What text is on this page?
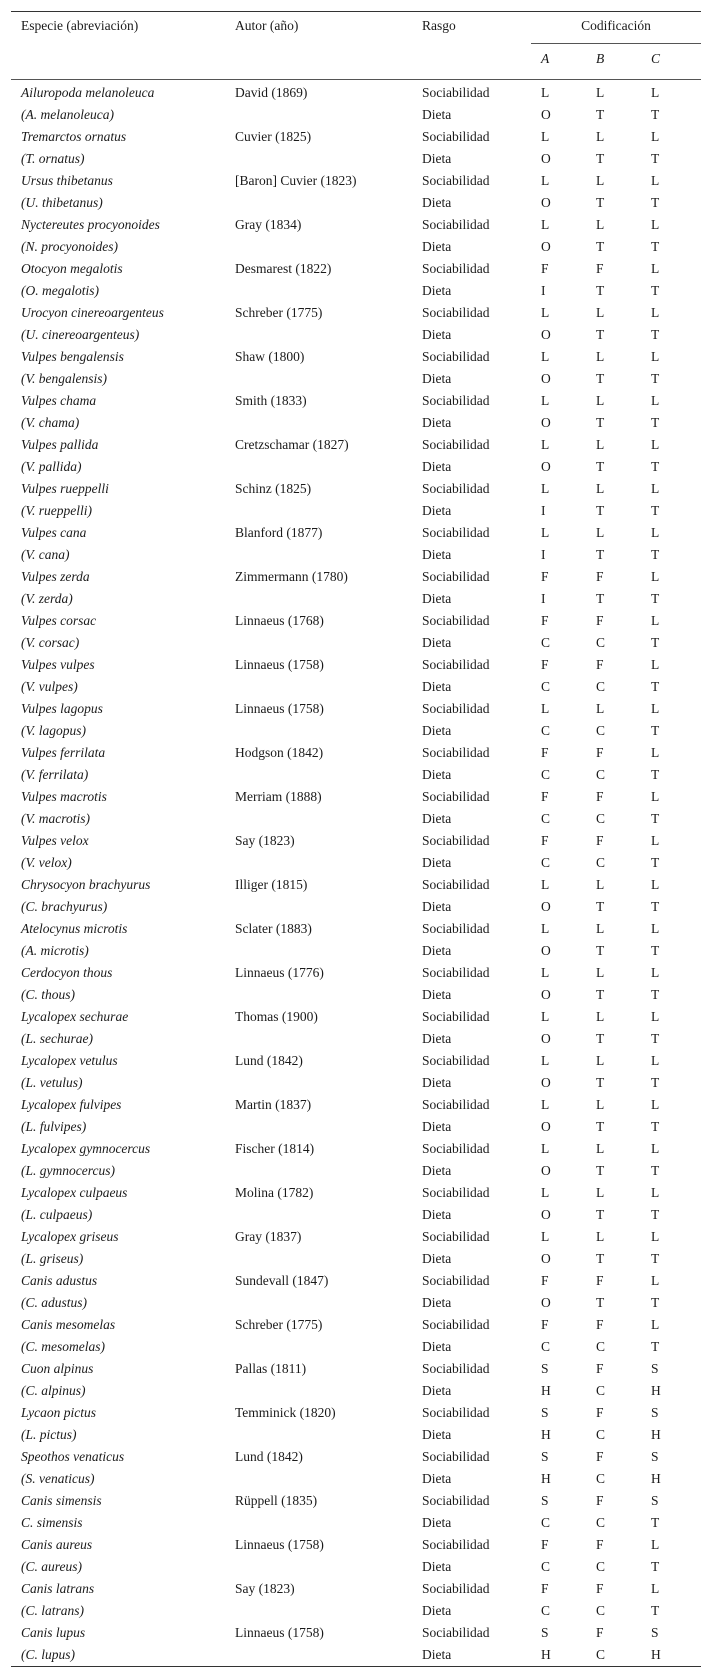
Especie (abreviación)	Autor (año)	Rasgo	Codificación		
			A	B	C
Ailuropoda melanoleuca	David (1869)	Sociabilidad	L	L	L
(A. melanoleuca)		Dieta	O	T	T
Tremarctos ornatus	Cuvier (1825)	Sociabilidad	L	L	L
(T. ornatus)		Dieta	O	T	T
Ursus thibetanus	[Baron] Cuvier (1823)	Sociabilidad	L	L	L
(U. thibetanus)		Dieta	O	T	T
Nyctereutes procyonoides	Gray (1834)	Sociabilidad	L	L	L
(N. procyonoides)		Dieta	O	T	T
Otocyon megalotis	Desmarest (1822)	Sociabilidad	F	F	L
(O. megalotis)		Dieta	I	T	T
Urocyon cinereoargenteus	Schreber (1775)	Sociabilidad	L	L	L
(U. cinereoargenteus)		Dieta	O	T	T
Vulpes bengalensis	Shaw (1800)	Sociabilidad	L	L	L
(V. bengalensis)		Dieta	O	T	T
Vulpes chama	Smith (1833)	Sociabilidad	L	L	L
(V. chama)		Dieta	O	T	T
Vulpes pallida	Cretzschamar (1827)	Sociabilidad	L	L	L
(V. pallida)		Dieta	O	T	T
Vulpes rueppelli	Schinz (1825)	Sociabilidad	L	L	L
(V. rueppelli)		Dieta	I	T	T
Vulpes cana	Blanford (1877)	Sociabilidad	L	L	L
(V. cana)		Dieta	I	T	T
Vulpes zerda	Zimmermann (1780)	Sociabilidad	F	F	L
(V. zerda)		Dieta	I	T	T
Vulpes corsac	Linnaeus (1768)	Sociabilidad	F	F	L
(V. corsac)		Dieta	C	C	T
Vulpes vulpes	Linnaeus (1758)	Sociabilidad	F	F	L
(V. vulpes)		Dieta	C	C	T
Vulpes lagopus	Linnaeus (1758)	Sociabilidad	L	L	L
(V. lagopus)		Dieta	C	C	T
Vulpes ferrilata	Hodgson (1842)	Sociabilidad	F	F	L
(V. ferrilata)		Dieta	C	C	T
Vulpes macrotis	Merriam (1888)	Sociabilidad	F	F	L
(V. macrotis)		Dieta	C	C	T
Vulpes velox	Say (1823)	Sociabilidad	F	F	L
(V. velox)		Dieta	C	C	T
Chrysocyon brachyurus	Illiger (1815)	Sociabilidad	L	L	L
(C. brachyurus)		Dieta	O	T	T
Atelocynus microtis	Sclater (1883)	Sociabilidad	L	L	L
(A. microtis)		Dieta	O	T	T
Cerdocyon thous	Linnaeus (1776)	Sociabilidad	L	L	L
(C. thous)		Dieta	O	T	T
Lycalopex sechurae	Thomas (1900)	Sociabilidad	L	L	L
(L. sechurae)		Dieta	O	T	T
Lycalopex vetulus	Lund (1842)	Sociabilidad	L	L	L
(L. vetulus)		Dieta	O	T	T
Lycalopex fulvipes	Martin (1837)	Sociabilidad	L	L	L
(L. fulvipes)		Dieta	O	T	T
Lycalopex gymnocercus	Fischer (1814)	Sociabilidad	L	L	L
(L. gymnocercus)		Dieta	O	T	T
Lycalopex culpaeus	Molina (1782)	Sociabilidad	L	L	L
(L. culpaeus)		Dieta	O	T	T
Lycalopex griseus	Gray (1837)	Sociabilidad	L	L	L
(L. griseus)		Dieta	O	T	T
Canis adustus	Sundevall (1847)	Sociabilidad	F	F	L
(C. adustus)		Dieta	O	T	T
Canis mesomelas	Schreber (1775)	Sociabilidad	F	F	L
(C. mesomelas)		Dieta	C	C	T
Cuon alpinus	Pallas (1811)	Sociabilidad	S	F	S
(C. alpinus)		Dieta	H	C	H
Lycaon pictus	Temminick (1820)	Sociabilidad	S	F	S
(L. pictus)		Dieta	H	C	H
Speothos venaticus	Lund (1842)	Sociabilidad	S	F	S
(S. venaticus)		Dieta	H	C	H
Canis simensis	Rüppell (1835)	Sociabilidad	S	F	S
C. simensis		Dieta	C	C	T
Canis aureus	Linnaeus (1758)	Sociabilidad	F	F	L
(C. aureus)		Dieta	C	C	T
Canis latrans	Say (1823)	Sociabilidad	F	F	L
(C. latrans)		Dieta	C	C	T
Canis lupus	Linnaeus (1758)	Sociabilidad	S	F	S
(C. lupus)		Dieta	H	C	H
